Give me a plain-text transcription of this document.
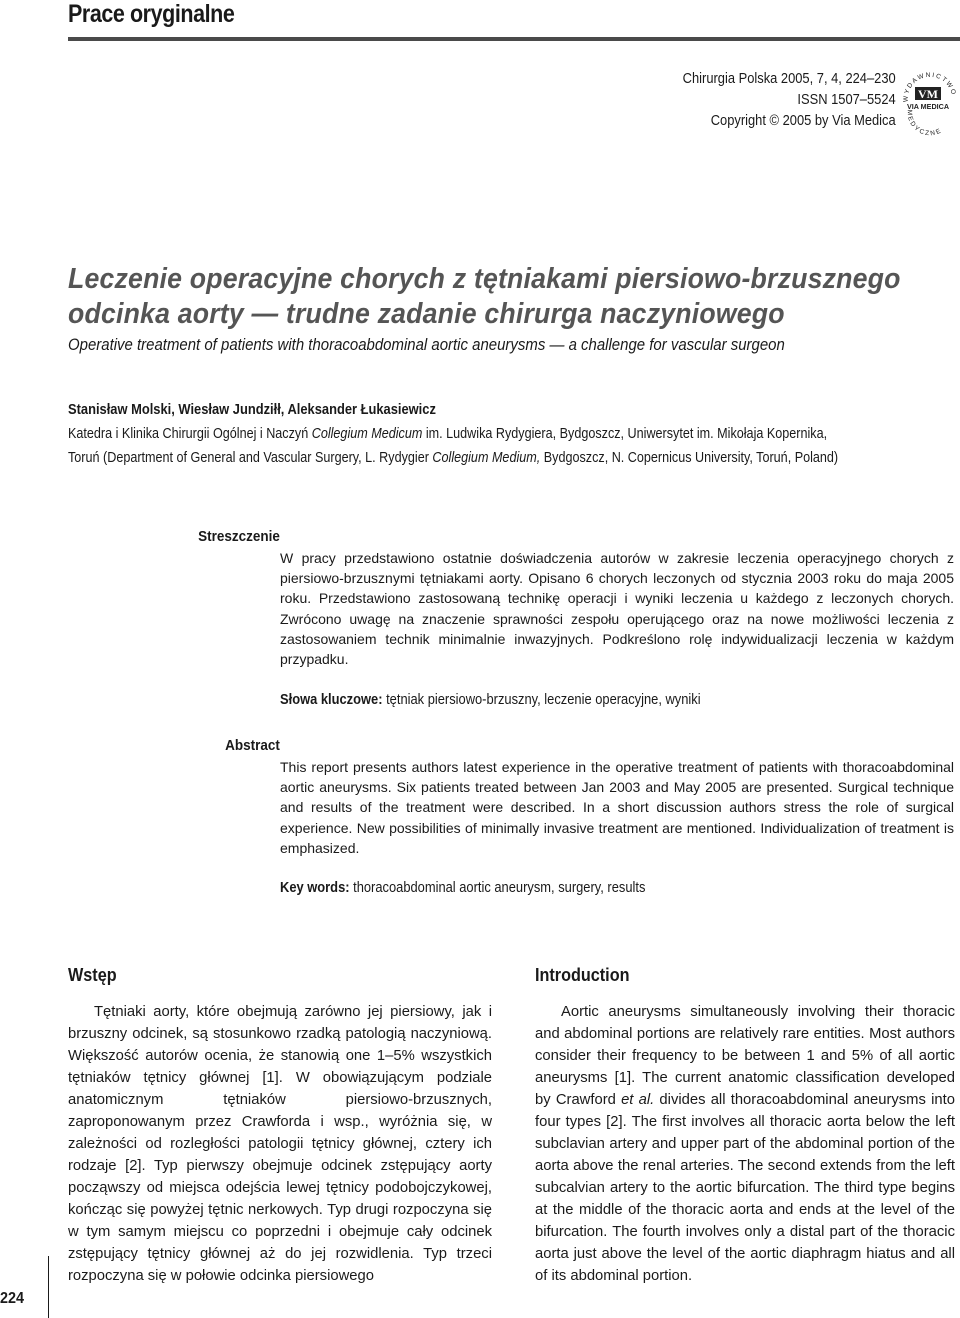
Prace oryginalne
Chirurgia Polska 2005, 7, 4, 224–230
ISSN 1507–5524
Copyright © 2005 by Via Medica
WYDAWNICTWO
MEDYCZNE
VM
VIA MEDICA
Leczenie operacyjne chorych z tętniakami piersiowo-brzusznego
odcinka aorty — trudne zadanie chirurga naczyniowego
Operative treatment of patients with thoracoabdominal aortic aneurysms — a challenge for vascular surgeon
Stanisław Molski, Wiesław Jundziłł, Aleksander Łukasiewicz
Katedra i Klinika Chirurgii Ogólnej i Naczyń Collegium Medicum im. Ludwika Rydygiera, Bydgoszcz, Uniwersytet im. Mikołaja Kopernika,
Toruń (Department of General and Vascular Surgery, L. Rydygier Collegium Medium, Bydgoszcz, N. Copernicus University, Toruń, Poland)
Streszczenie
W pracy przedstawiono ostatnie doświadczenia autorów w zakresie leczenia operacyjnego chorych z piersiowo-brzusznymi tętniakami aorty. Opisano 6 chorych leczonych od stycznia 2003 roku do maja 2005 roku. Przedstawiono zastosowaną technikę operacji i wyniki leczenia u każdego z leczonych chorych. Zwrócono uwagę na znaczenie sprawności zespołu operującego oraz na nowe możliwości leczenia z zastosowaniem technik minimalnie inwazyjnych. Podkreślono rolę indywidualizacji leczenia w każdym przypadku.
Słowa kluczowe: tętniak piersiowo-brzuszny, leczenie operacyjne, wyniki
Abstract
This report presents authors latest experience in the operative treatment of patients with thoracoabdominal aortic aneurysms. Six patients treated between Jan 2003 and May 2005 are presented. Surgical technique and results of the treatment were described. In a short discussion authors stress the role of surgical experience. New possibilities of minimally invasive treatment are mentioned. Individualization of treatment is emphasized.
Key words: thoracoabdominal aortic aneurysm, surgery, results
Wstęp
Tętniaki aorty, które obejmują zarówno jej piersiowy, jak i brzuszny odcinek, są stosunkowo rzadką patologią naczyniową. Większość autorów ocenia, że stanowią one 1–5% wszystkich tętniaków tętnicy głównej [1]. W obowiązującym podziale anatomicznym tętniaków piersiowo-brzusznych, zaproponowanym przez Crawforda i wsp., wyróżnia się, w zależności od rozległości patologii tętnicy głównej, cztery ich rodzaje [2]. Typ pierwszy obejmuje odcinek zstępujący aorty począwszy od miejsca odejścia lewej tętnicy podobojczykowej, kończąc się powyżej tętnic nerkowych. Typ drugi rozpoczyna się w tym samym miejscu co poprzedni i obejmuje cały odcinek zstępujący tętnicy głównej aż do jej rozwidlenia. Typ trzeci rozpoczyna się w połowie odcinka piersiowego
Introduction
Aortic aneurysms simultaneously involving their thoracic and abdominal portions are relatively rare entities. Most authors consider their frequency to be between 1 and 5% of all aortic aneurysms [1]. The current anatomic classification developed by Crawford et al. divides all thoracoabdominal aneurysms into four types [2]. The first involves all thoracic aorta below the left subclavian artery and upper part of the abdominal portion of the aorta above the renal arteries. The second extends from the left subcalvian artery to the aortic bifurcation. The third type begins at the middle of the thoracic aorta and ends at the level of the bifurcation. The fourth involves only a distal part of the thoracic aorta just above the level of the aortic diaphragm hiatus and all of its abdominal portion.
224
